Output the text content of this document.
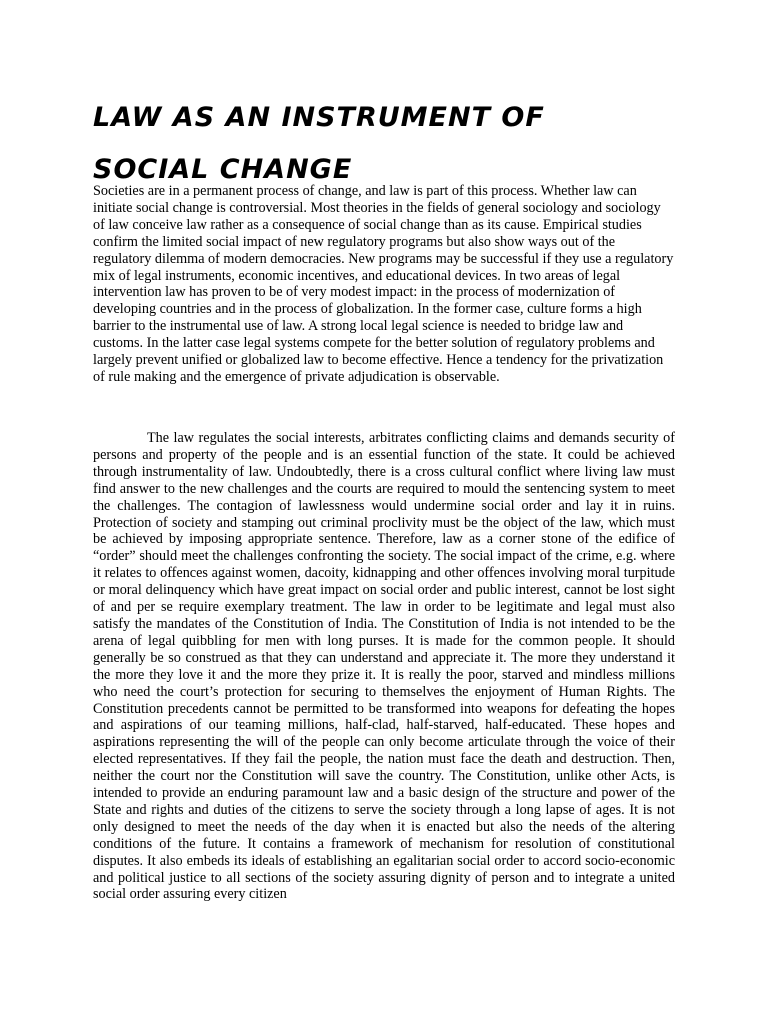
LAW AS AN INSTRUMENT OF
SOCIAL CHANGE

Societies are in a permanent process of change, and law is part of this process. Whether law can initiate social change is controversial. Most theories in the fields of general sociology and sociology of law conceive law rather as a consequence of social change than as its cause. Empirical studies confirm the limited social impact of new regulatory programs but also show ways out of the regulatory dilemma of modern democracies. New programs may be successful if they use a regulatory mix of legal instruments, economic incentives, and educational devices. In two areas of legal intervention law has proven to be of very modest impact: in the process of modernization of developing countries and in the process of globalization. In the former case, culture forms a high barrier to the instrumental use of law. A strong local legal science is needed to bridge law and customs. In the latter case legal systems compete for the better solution of regulatory problems and largely prevent unified or globalized law to become effective. Hence a tendency for the privatization of rule making and the emergence of private adjudication is observable.

The law regulates the social interests, arbitrates conflicting claims and demands security of persons and property of the people and is an essential function of the state. It could be achieved through instrumentality of law. Undoubtedly, there is a cross cultural conflict where living law must find answer to the new challenges and the courts are required to mould the sentencing system to meet the challenges. The contagion of lawlessness would undermine social order and lay it in ruins. Protection of society and stamping out criminal proclivity must be the object of the law, which must be achieved by imposing appropriate sentence. Therefore, law as a corner stone of the edifice of “order” should meet the challenges confronting the society. The social impact of the crime, e.g. where it relates to offences against women, dacoity, kidnapping and other offences involving moral turpitude or moral delinquency which have great impact on social order and public interest, cannot be lost sight of and per se require exemplary treatment. The law in order to be legitimate and legal must also satisfy the mandates of the Constitution of India. The Constitution of India is not intended to be the arena of legal quibbling for men with long purses. It is made for the common people. It should generally be so construed as that they can understand and appreciate it. The more they understand it the more they love it and the more they prize it. It is really the poor, starved and mindless millions who need the court’s protection for securing to themselves the enjoyment of Human Rights. The Constitution precedents cannot be permitted to be transformed into weapons for defeating the hopes and aspirations of our teaming millions, half-clad, half-starved, half-educated. These hopes and aspirations representing the will of the people can only become articulate through the voice of their elected representatives. If they fail the people, the nation must face the death and destruction. Then, neither the court nor the Constitution will save the country. The Constitution, unlike other Acts, is intended to provide an enduring paramount law and a basic design of the structure and power of the State and rights and duties of the citizens to serve the society through a long lapse of ages. It is not only designed to meet the needs of the day when it is enacted but also the needs of the altering conditions of the future. It contains a framework of mechanism for resolution of constitutional disputes. It also embeds its ideals of establishing an egalitarian social order to accord socio-economic and political justice to all sections of the society assuring dignity of person and to integrate a united social order assuring every citizen
